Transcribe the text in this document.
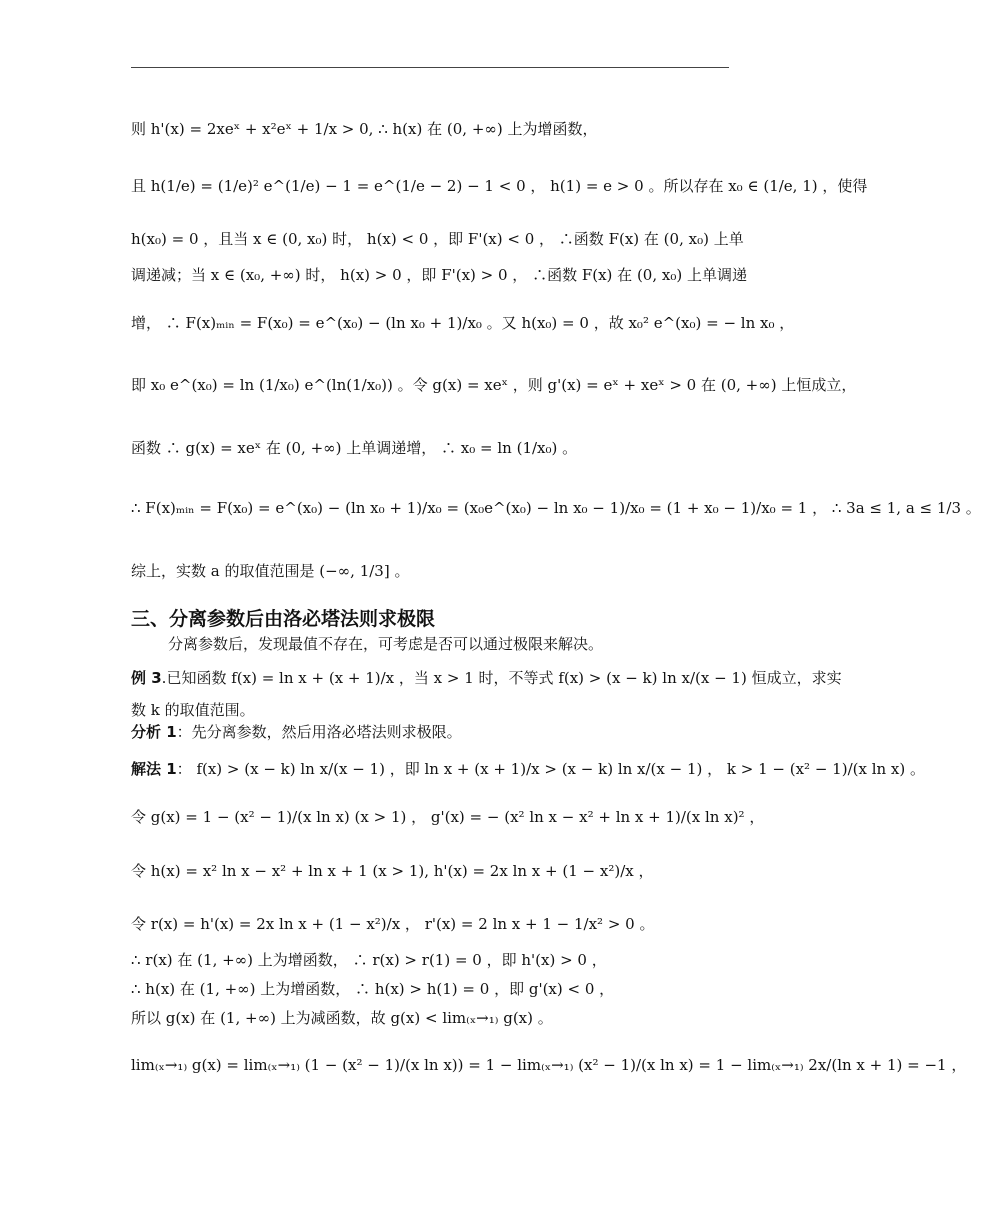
则 h'(x) = 2xeˣ + x²eˣ + 1/x > 0, ∴ h(x) 在 (0, +∞) 上为增函数，
且 h(1/e) = (1/e)² e^(1/e) − 1 = e^(1/e − 2) − 1 < 0 ， h(1) = e > 0 。所以存在 x₀ ∈ (1/e, 1) ，使得
h(x₀) = 0 ，且当 x ∈ (0, x₀) 时， h(x) < 0 ，即 F'(x) < 0 ， ∴函数 F(x) 在 (0, x₀) 上单
调递减；当 x ∈ (x₀, +∞) 时， h(x) > 0 ，即 F'(x) > 0 ， ∴函数 F(x) 在 (0, x₀) 上单调递
增， ∴ F(x)ₘᵢₙ = F(x₀) = e^(x₀) − (ln x₀ + 1)/x₀ 。又 h(x₀) = 0 ，故 x₀² e^(x₀) = − ln x₀ ，
即 x₀ e^(x₀) = ln (1/x₀) e^(ln(1/x₀)) 。令 g(x) = xeˣ ，则 g'(x) = eˣ + xeˣ > 0 在 (0, +∞) 上恒成立，
函数 ∴ g(x) = xeˣ 在 (0, +∞) 上单调递增， ∴ x₀ = ln (1/x₀) 。
∴ F(x)ₘᵢₙ = F(x₀) = e^(x₀) − (ln x₀ + 1)/x₀ = (x₀e^(x₀) − ln x₀ − 1)/x₀ = (1 + x₀ − 1)/x₀ = 1 ， ∴ 3a ≤ 1, a ≤ 1/3 。
综上，实数 a 的取值范围是 (−∞, 1/3] 。
分离参数后，发现最值不存在，可考虑是否可以通过极限来解决。
例 3.已知函数 f(x) = ln x + (x + 1)/x ，当 x > 1 时，不等式 f(x) > (x − k) ln x/(x − 1) 恒成立，求实
数 k 的取值范围。
分析 1：先分离参数，然后用洛必塔法则求极限。
解法 1： f(x) > (x − k) ln x/(x − 1) ，即 ln x + (x + 1)/x > (x − k) ln x/(x − 1) ， k > 1 − (x² − 1)/(x ln x) 。
令 g(x) = 1 − (x² − 1)/(x ln x) (x > 1) ， g'(x) = − (x² ln x − x² + ln x + 1)/(x ln x)² ，
令 h(x) = x² ln x − x² + ln x + 1 (x > 1), h'(x) = 2x ln x + (1 − x²)/x ，
令 r(x) = h'(x) = 2x ln x + (1 − x²)/x ， r'(x) = 2 ln x + 1 − 1/x² > 0 。
∴ r(x) 在 (1, +∞) 上为增函数， ∴ r(x) > r(1) = 0 ，即 h'(x) > 0 ，
∴ h(x) 在 (1, +∞) 上为增函数， ∴ h(x) > h(1) = 0 ，即 g'(x) < 0 ，
所以 g(x) 在 (1, +∞) 上为减函数，故 g(x) < lim₍ₓ→₁₎ g(x) 。
lim₍ₓ→₁₎ g(x) = lim₍ₓ→₁₎ (1 − (x² − 1)/(x ln x)) = 1 − lim₍ₓ→₁₎ (x² − 1)/(x ln x) = 1 − lim₍ₓ→₁₎ 2x/(ln x + 1) = −1 ，
三、分离参数后由洛必塔法则求极限
